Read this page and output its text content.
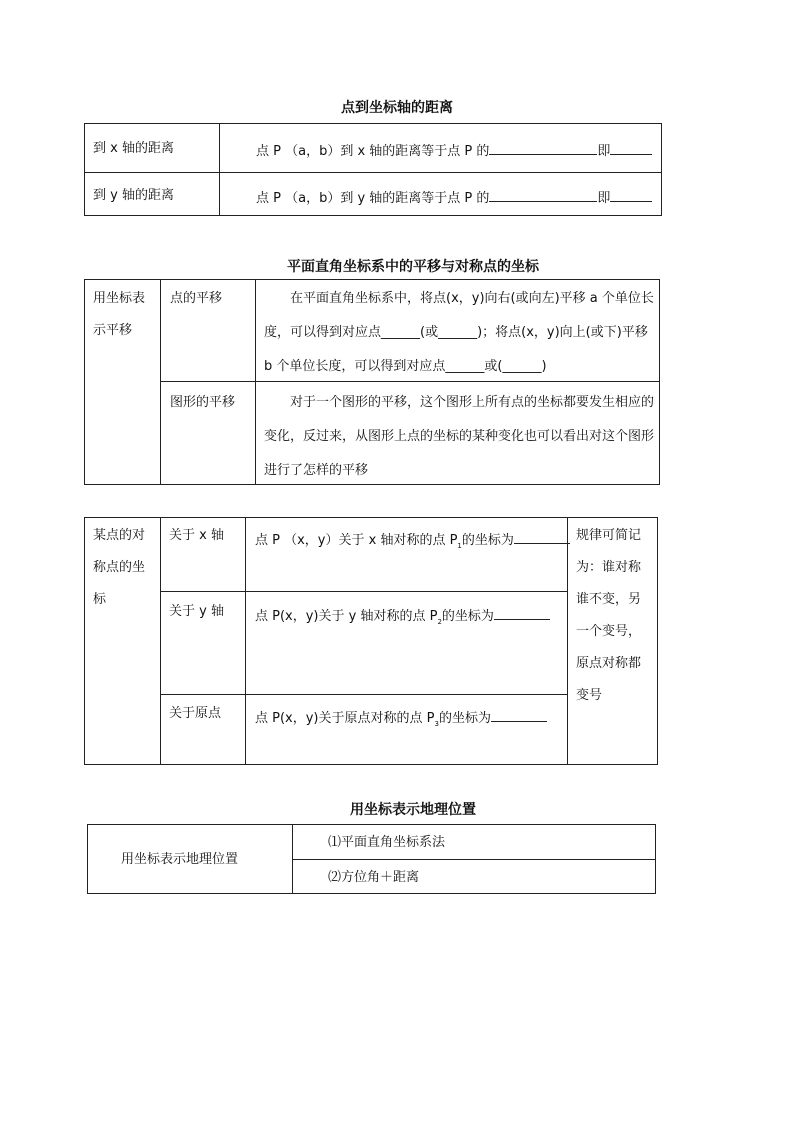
点到坐标轴的距离
到 x 轴的距离	点 P （a，b）到 x 轴的距离等于点 P 的	即
到 y 轴的距离	点 P （a，b）到 y 轴的距离等于点 P 的	即
平面直角坐标系中的平移与对称点的坐标
用坐标表示平移
点的平移	在平面直角坐标系中，将点(x，y)向右(或向左)平移 a 个单位长度，可以得到对应点______(或______)；将点(x，y)向上(或下)平移 b 个单位长度，可以得到对应点______或(______)
图形的平移	对于一个图形的平移，这个图形上所有点的坐标都要发生相应的变化，反过来，从图形上点的坐标的某种变化也可以看出对这个图形进行了怎样的平移
某点的对称点的坐标
关于 x 轴 点 P （x，y）关于 x 轴对称的点 $P_1$的坐标为
关于 y 轴 点 P(x，y)关于 y 轴对称的点 $P_2$的坐标为
关于原点	点 P(x，y)关于原点对称的点 $P_3$的坐标为
规律可简记为：谁对称谁不变，另一个变号，原点对称都变号
用坐标表示地理位置
用坐标表示地理位置
⑴平面直角坐标系法
⑵方位角＋距离
